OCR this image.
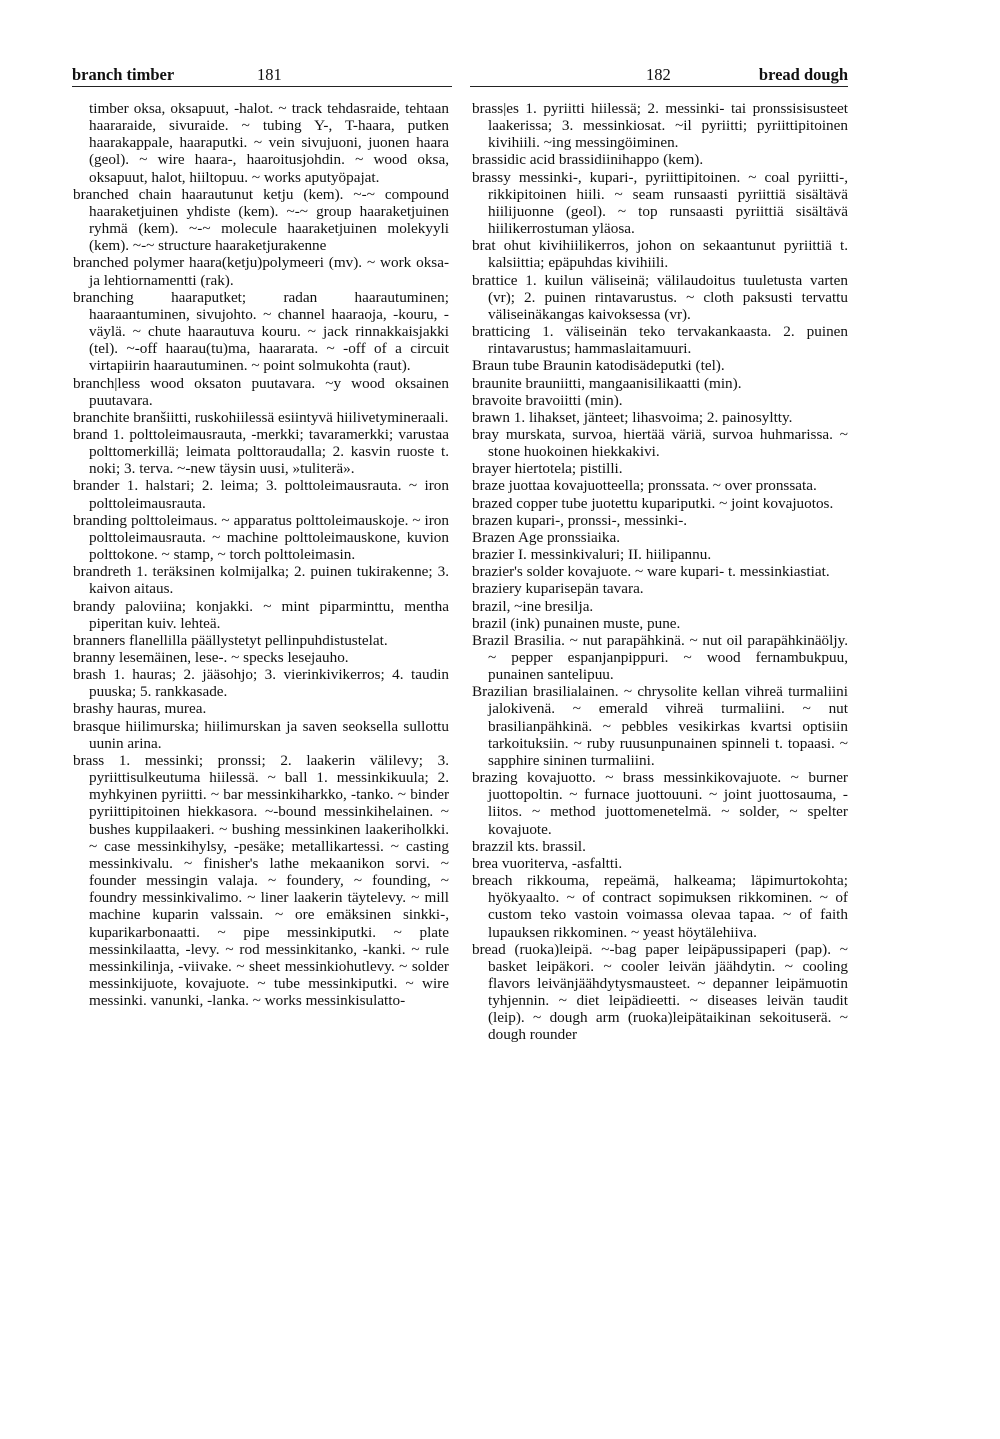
branch timber	181	182	bread dough

timber oksa, oksapuut, -halot. ~ track tehdasraide, tehtaan haararaide, sivuraide. ~ tubing Y-, T-haara, putken haarakappale, haaraputki. ~ vein sivujuoni, juonen haara (geol). ~ wire haara-, haaroitusjohdin. ~ wood oksa, oksapuut, halot, hiiltopuu. ~ works aputyöpajat.

branched chain haarautunut ketju (kem). ~-~ compound haaraketjuinen yhdiste (kem). ~-~ group haaraketjuinen ryhmä (kem). ~-~ molecule haaraketjuinen molekyyli (kem). ~-~ structure haaraketjurakenne

branched polymer haara(ketju)polymeeri (mv). ~ work oksa- ja lehtiornamentti (rak).

branching haaraputket; radan haarautuminen; haaraantuminen, sivujohto. ~ channel haaraoja, -kouru, -väylä. ~ chute haarautuva kouru. ~ jack rinnakkaisjakki (tel). ~-off haarau(tu)ma, haararata. ~ -off of a circuit virtapiirin haarautuminen. ~ point solmukohta (raut).

branch|less wood oksaton puutavara. ~y wood oksainen puutavara.

branchite branšiitti, ruskohiilessä esiintyvä hiilivetymineraali.

brand 1. polttoleimausrauta, -merkki; tavaramerkki; varustaa polttomerkillä; leimata polttoraudalla; 2. kasvin ruoste t. noki; 3. terva. ~-new täysin uusi, »tuliterä».

brander 1. halstari; 2. leima; 3. polttoleimausrauta. ~ iron polttoleimausrauta.

branding polttoleimaus. ~ apparatus polttoleimauskoje. ~ iron polttoleimausrauta. ~ machine polttoleimauskone, kuvion polttokone. ~ stamp, ~ torch polttoleimasin.

brandreth 1. teräksinen kolmijalka; 2. puinen tukirakenne; 3. kaivon aitaus.

brandy paloviina; konjakki. ~ mint piparminttu, mentha piperitan kuiv. lehteä.

branners flanellilla päällystetyt pellinpuhdistustelat.

branny lesemäinen, lese-. ~ specks lesejauho.

brash 1. hauras; 2. jääsohjo; 3. vierinkivikerros; 4. taudin puuska; 5. rankkasade.

brashy hauras, murea.

brasque hiilimurska; hiilimurskan ja saven seoksella sullottu uunin arina.

brass 1. messinki; pronssi; 2. laakerin välilevy; 3. pyriittisulkeutuma hiilessä. ~ ball 1. messinkikuula; 2. myhkyinen pyriitti. ~ bar messinkiharkko, -tanko. ~ binder pyriittipitoinen hiekkasora. ~-bound messinkihelainen. ~ bushes kuppilaakeri. ~ bushing messinkinen laakeriholkki. ~ case messinkihylsy, -pesäke; metallikartessi. ~ casting messinkivalu. ~ finisher's lathe mekaanikon sorvi. ~ founder messingin valaja. ~ foundery, ~ founding, ~ foundry messinkivalimo. ~ liner laakerin täytelevy. ~ mill machine kuparin valssain. ~ ore emäksinen sinkki-, kuparikarbonaatti. ~ pipe messinkiputki. ~ plate messinkilaatta, -levy. ~ rod messinkitanko, -kanki. ~ rule messinkilinja, -viivake. ~ sheet messinkiohutlevy. ~ solder messinkijuote, kovajuote. ~ tube messinkiputki. ~ wire messinki. vanunki, -lanka. ~ works messinkisulatto-

brass|es 1. pyriitti hiilessä; 2. messinki- tai pronssisisusteet laakerissa; 3. messinkiosat. ~il pyriitti; pyriittipitoinen kivihiili. ~ing messingöiminen.

brassidic acid brassidiinihappo (kem).

brassy messinki-, kupari-, pyriittipitoinen. ~ coal pyriitti-, rikkipitoinen hiili. ~ seam runsaasti pyriittiä sisältävä hiilijuonne (geol). ~ top runsaasti pyriittiä sisältävä hiilikerrostuman yläosa.

brat ohut kivihiilikerros, johon on sekaantunut pyriittiä t. kalsiittia; epäpuhdas kivihiili.

brattice 1. kuilun väliseinä; välilaudoitus tuuletusta varten (vr); 2. puinen rintavarustus. ~ cloth paksusti tervattu väliseinäkangas kaivoksessa (vr).

bratticing 1. väliseinän teko tervakankaasta. 2. puinen rintavarustus; hammaslaitamuuri.

Braun tube Braunin katodisädeputki (tel).

braunite brauniitti, mangaanisilikaatti (min).

bravoite bravoiitti (min).

brawn 1. lihakset, jänteet; lihasvoima; 2. painosyltty.

bray murskata, survoa, hiertää väriä, survoa huhmarissa. ~ stone huokoinen hiekkakivi.

brayer hiertotela; pistilli.

braze juottaa kovajuotteella; pronssata. ~ over pronssata.

brazed copper tube juotettu kupariputki. ~ joint kovajuotos.

brazen kupari-, pronssi-, messinki-.

Brazen Age pronssiaika.

brazier I. messinkivaluri; II. hiilipannu.

brazier's solder kovajuote. ~ ware kupari- t. messinkiastiat.

braziery kuparisepän tavara.

brazil, ~ine bresilja.

brazil (ink) punainen muste, pune.

Brazil Brasilia. ~ nut parapähkinä. ~ nut oil parapähkinäöljy. ~ pepper espanjanpippuri. ~ wood fernambukpuu, punainen santelipuu.

Brazilian brasilialainen. ~ chrysolite kellan vihreä turmaliini jalokivenä. ~ emerald vihreä turmaliini. ~ nut brasilianpähkinä. ~ pebbles vesikirkas kvartsi optisiin tarkoituksiin. ~ ruby ruusunpunainen spinneli t. topaasi. ~ sapphire sininen turmaliini.

brazing kovajuotto. ~ brass messinkikovajuote. ~ burner juottopoltin. ~ furnace juottouuni. ~ joint juottosauma, -liitos. ~ method juottomenetelmä. ~ solder, ~ spelter kovajuote.

brazzil kts. brassil.

brea vuoriterva, -asfaltti.

breach rikkouma, repeämä, halkeama; läpimurtokohta; hyökyaalto. ~ of contract sopimuksen rikkominen. ~ of custom teko vastoin voimassa olevaa tapaa. ~ of faith lupauksen rikkominen. ~ yeast höytälehiiva.

bread (ruoka)leipä. ~-bag paper leipäpussipaperi (pap). ~ basket leipäkori. ~ cooler leivän jäähdytin. ~ cooling flavors leivänjäähdytysmausteet. ~ depanner leipämuotin tyhjennin. ~ diet leipädieetti. ~ diseases leivän taudit (leip). ~ dough arm (ruoka)leipätaikinan sekoituserä. ~ dough rounder
